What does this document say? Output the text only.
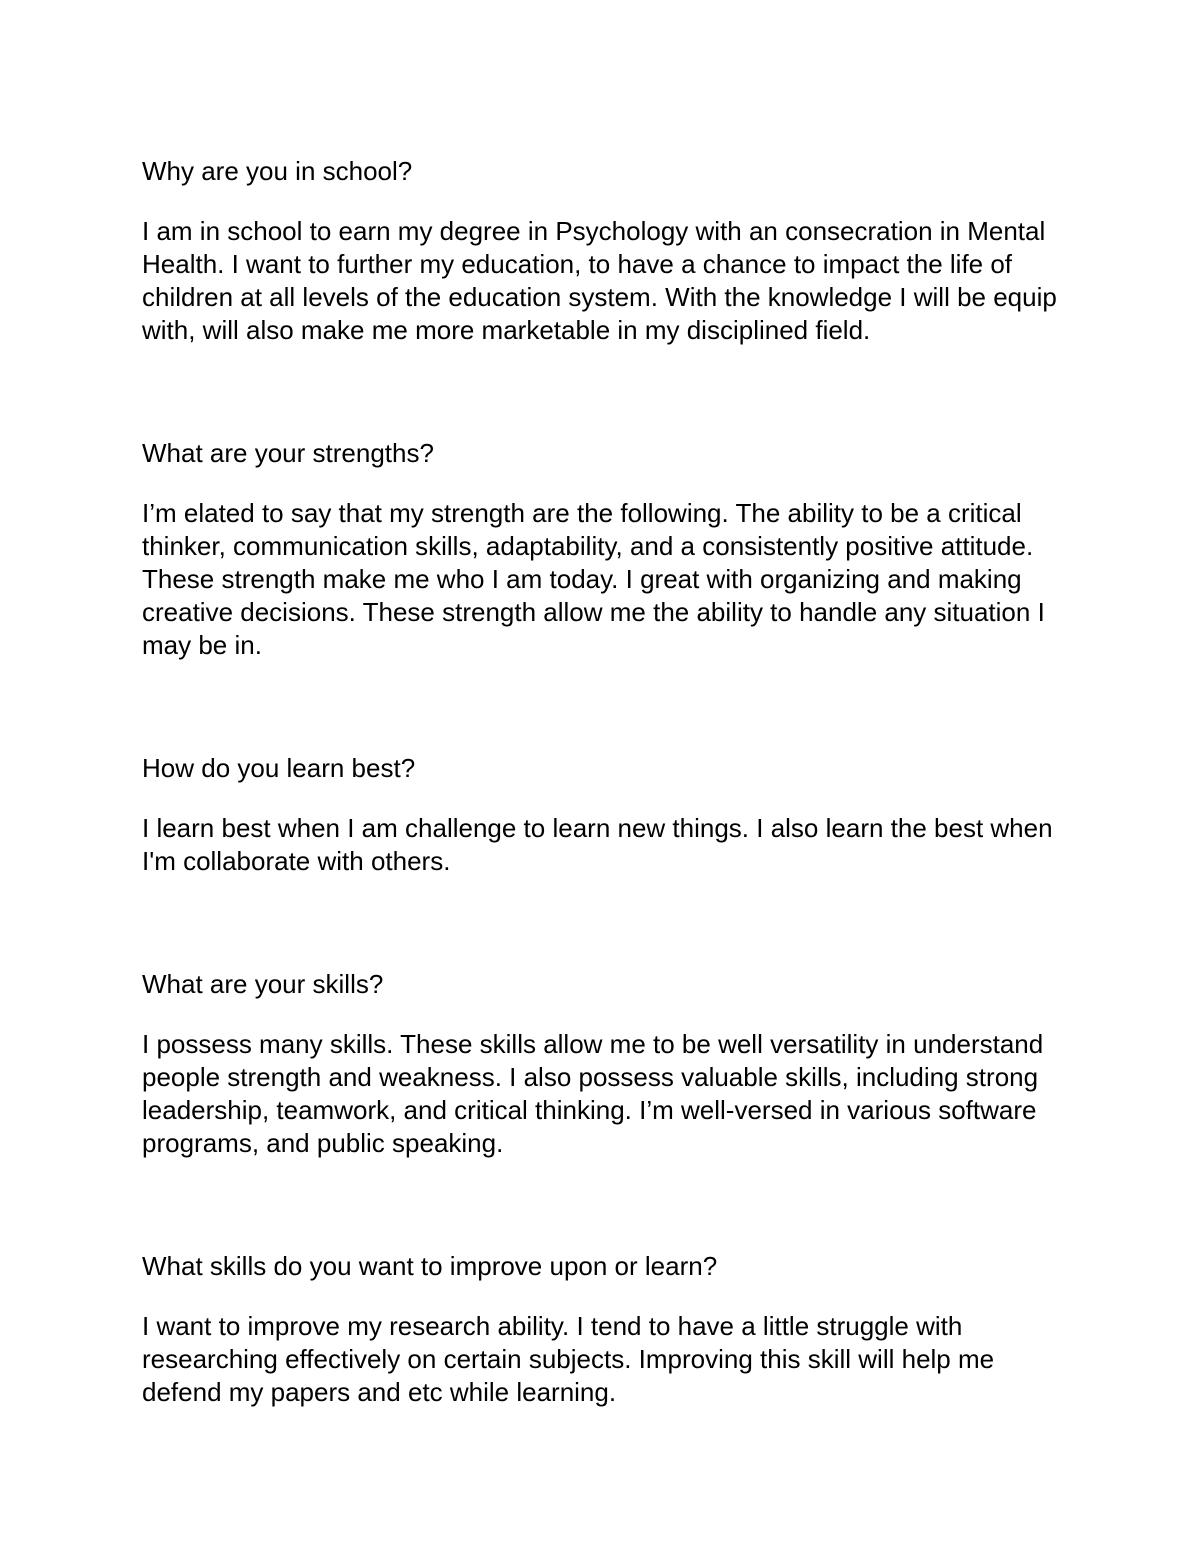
Why are you in school?

I am in school to earn my degree in Psychology with an consecration in Mental Health. I want to further my education, to have a chance to impact the life of children at all levels of the education system. With the knowledge I will be equip with, will also make me more marketable in my disciplined field.

What are your strengths?

I’m elated to say that my strength are the following. The ability to be a critical thinker, communication skills, adaptability, and a consistently positive attitude. These strength make me who I am today. I great with organizing and making creative decisions. These strength allow me the ability to handle any situation I may be in.

How do you learn best?

I learn best when I am challenge to learn new things. I also learn the best when I'm collaborate with others.

What are your skills?

I possess many skills. These skills allow me to be well versatility in understand people strength and weakness. I also possess valuable skills, including strong leadership, teamwork, and critical thinking. I’m well-versed in various software programs, and public speaking.

What skills do you want to improve upon or learn?

I want to improve my research ability. I tend to have a little struggle with researching effectively on certain subjects. Improving this skill will help me defend my papers and etc while learning.
